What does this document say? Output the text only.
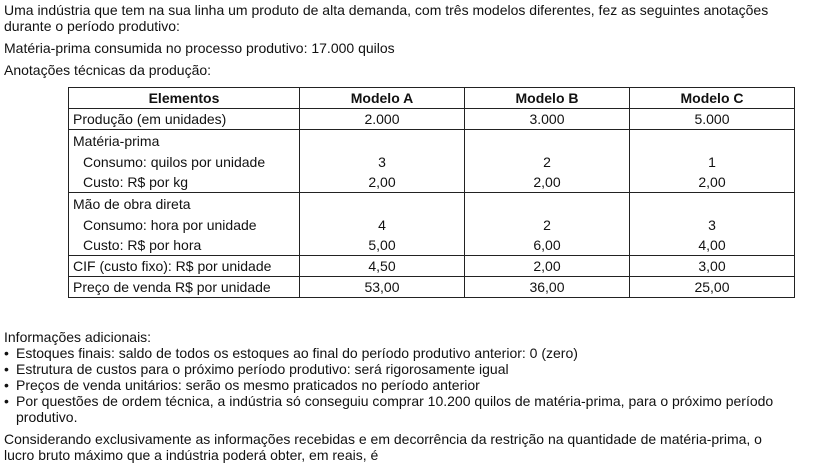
Uma indústria que tem na sua linha um produto de alta demanda, com três modelos diferentes, fez as seguintes anotações
durante o período produtivo:
Matéria-prima consumida no processo produtivo: 17.000 quilos
Anotações técnicas da produção:
Elementos	Modelo A	Modelo B	Modelo C
Produção (em unidades)	2.000	3.000	5.000
Matéria-prima			
Consumo: quilos por unidade	3	2	1
Custo: R$ por kg	2,00	2,00	2,00
Mão de obra direta			
Consumo: hora por unidade	4	2	3
Custo: R$ por hora	5,00	6,00	4,00
CIF (custo fixo): R$ por unidade	4,50	2,00	3,00
Preço de venda R$ por unidade	53,00	36,00	25,00
Informações adicionais:
• Estoques finais: saldo de todos os estoques ao final do período produtivo anterior: 0 (zero)
• Estrutura de custos para o próximo período produtivo: será rigorosamente igual
• Preços de venda unitários: serão os mesmo praticados no período anterior
• Por questões de ordem técnica, a indústria só conseguiu comprar 10.200 quilos de matéria-prima, para o próximo período
produtivo.
Considerando exclusivamente as informações recebidas e em decorrência da restrição na quantidade de matéria-prima, o
lucro bruto máximo que a indústria poderá obter, em reais, é
